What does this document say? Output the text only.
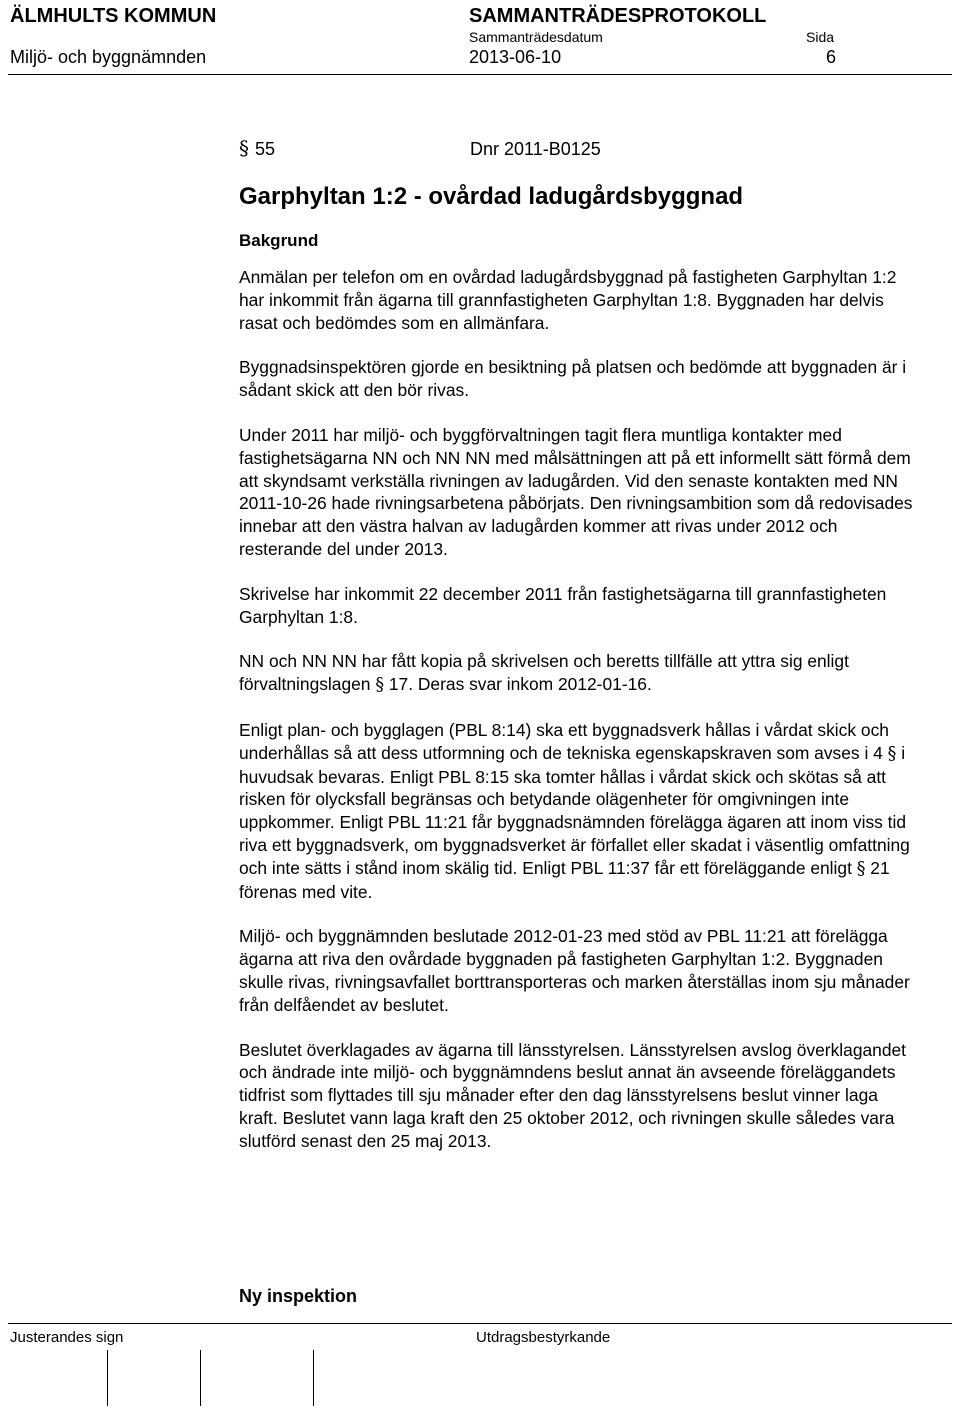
ÄLMHULTS KOMMUN	SAMMANTRÄDESPROTOKOLL
Sammanträdesdatum	Sida
Miljö- och byggnämnden	2013-06-10	6
§ 55	Dnr 2011-B0125
Garphyltan 1:2 - ovårdad ladugårdsbyggnad
Bakgrund

Anmälan per telefon om en ovårdad ladugårdsbyggnad på fastigheten Garphyltan 1:2 har inkommit från ägarna till grannfastigheten Garphyltan 1:8. Byggnaden har delvis rasat och bedömdes som en allmänfara.

Byggnadsinspektören gjorde en besiktning på platsen och bedömde att byggnaden är i sådant skick att den bör rivas.

Under 2011 har miljö- och byggförvaltningen tagit flera muntliga kontakter med fastighetsägarna NN och NN NN med målsättningen att på ett informellt sätt förmå dem att skyndsamt verkställa rivningen av ladugården. Vid den senaste kontakten med NN 2011-10-26 hade rivningsarbetena påbörjats. Den rivningsambition som då redovisades innebar att den västra halvan av ladugården kommer att rivas under 2012 och resterande del under 2013.

Skrivelse har inkommit 22 december 2011 från fastighetsägarna till grannfastigheten Garphyltan 1:8.

NN och NN NN har fått kopia på skrivelsen och beretts tillfälle att yttra sig enligt förvaltningslagen § 17. Deras svar inkom 2012-01-16.

Enligt plan- och bygglagen (PBL 8:14) ska ett byggnadsverk hållas i vårdat skick och underhållas så att dess utformning och de tekniska egenskapskraven som avses i 4 § i huvudsak bevaras. Enligt PBL 8:15 ska tomter hållas i vårdat skick och skötas så att risken för olycksfall begränsas och betydande olägenheter för omgivningen inte uppkommer. Enligt PBL 11:21 får byggnadsnämnden förelägga ägaren att inom viss tid riva ett byggnadsverk, om byggnadsverket är förfallet eller skadat i väsentlig omfattning och inte sätts i stånd inom skälig tid. Enligt PBL 11:37 får ett föreläggande enligt § 21 förenas med vite.

Miljö- och byggnämnden beslutade 2012-01-23 med stöd av PBL 11:21 att förelägga ägarna att riva den ovårdade byggnaden på fastigheten Garphyltan 1:2. Byggnaden skulle rivas, rivningsavfallet borttransporteras och marken återställas inom sju månader från delfåendet av beslutet.

Beslutet överklagades av ägarna till länsstyrelsen. Länsstyrelsen avslog överklagandet och ändrade inte miljö- och byggnämndens beslut annat än avseende föreläggandets tidfrist som flyttades till sju månader efter den dag länsstyrelsens beslut vinner laga kraft. Beslutet vann laga kraft den 25 oktober 2012, och rivningen skulle således vara slutförd senast den 25 maj 2013.

Ny inspektion
Justerandes sign	Utdragsbestyrkande
